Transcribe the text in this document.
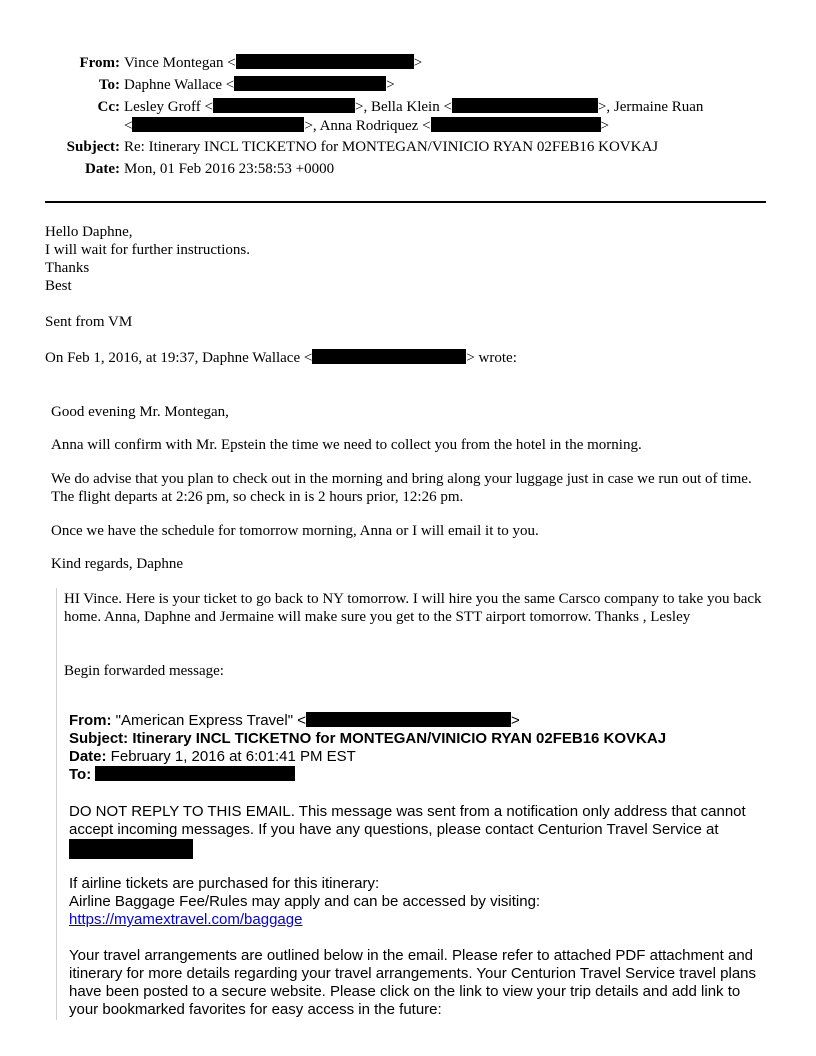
From: Vince Montegan <	>
To: Daphne Wallace <	>
Cc: Lesley Groff <	>, Bella Klein <	>, Jermaine Ruan
<	>, Anna Rodriquez <	>
Subject: Re: Itinerary INCL TICKETNO for MONTEGAN/VINICIO RYAN 02FEB16 KOVKAJ
Date: Mon, 01 Feb 2016 23:58:53 +0000
Hello Daphne,
I will wait for further instructions.
Thanks
Best
Sent from VM
On Feb 1, 2016, at 19:37, Daphne Wallace <	> wrote:
Good evening Mr. Montegan,
Anna will confirm with Mr. Epstein the time we need to collect you from the hotel in the morning.
We do advise that you plan to check out in the morning and bring along your luggage just in case we run out of time. The flight departs at 2:26 pm, so check in is 2 hours prior, 12:26 pm.
Once we have the schedule for tomorrow morning, Anna or I will email it to you.
Kind regards, Daphne
HI Vince. Here is your ticket to go back to NY tomorrow. I will hire you the same Carsco company to take you back home. Anna, Daphne and Jermaine will make sure you get to the STT airport tomorrow. Thanks , Lesley
Begin forwarded message:
From: "American Express Travel" <	>
Subject: Itinerary INCL TICKETNO for MONTEGAN/VINICIO RYAN 02FEB16 KOVKAJ
Date: February 1, 2016 at 6:01:41 PM EST
To:
DO NOT REPLY TO THIS EMAIL. This message was sent from a notification only address that cannot accept incoming messages. If you have any questions, please contact Centurion Travel Service at
If airline tickets are purchased for this itinerary:
Airline Baggage Fee/Rules may apply and can be accessed by visiting:
https://myamextravel.com/baggage
Your travel arrangements are outlined below in the email. Please refer to attached PDF attachment and itinerary for more details regarding your travel arrangements. Your Centurion Travel Service travel plans have been posted to a secure website. Please click on the link to view your trip details and add link to your bookmarked favorites for easy access in the future:
